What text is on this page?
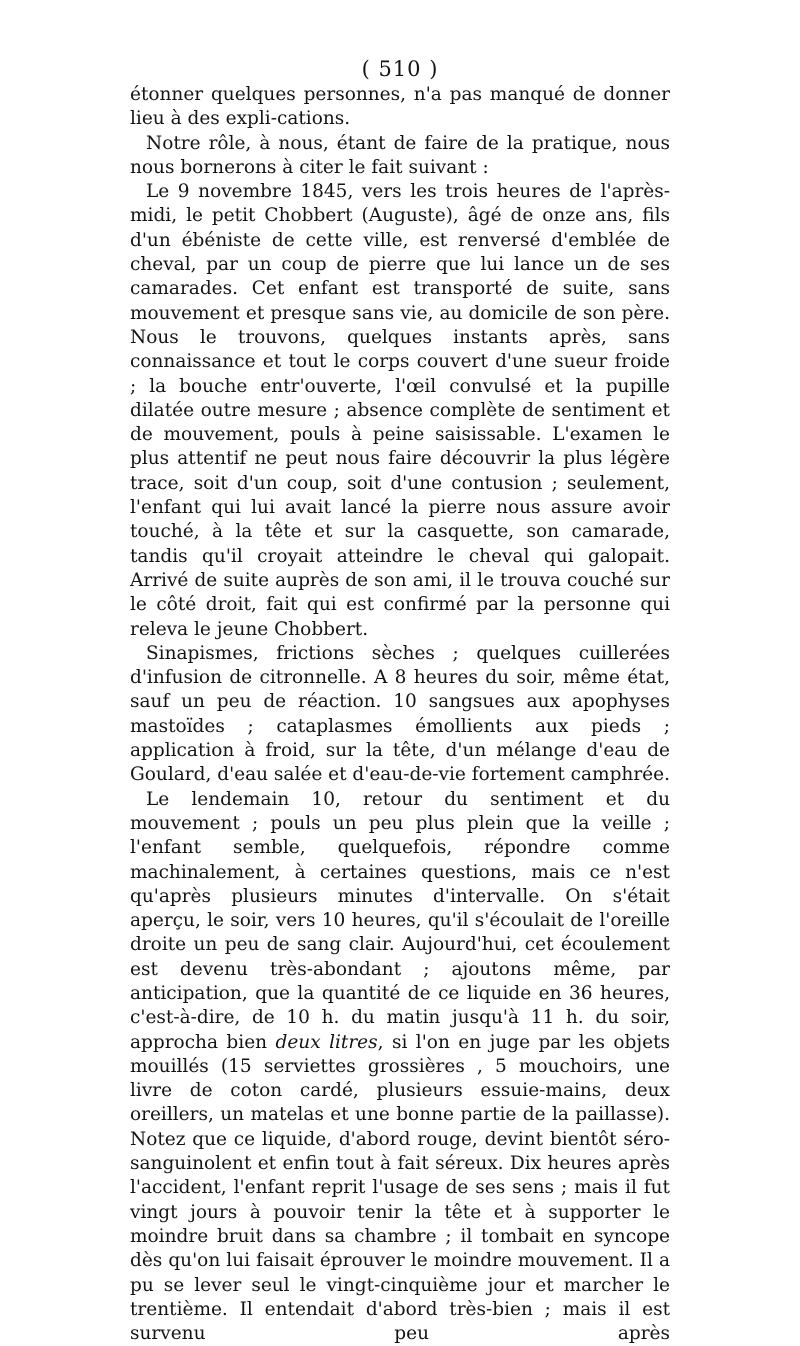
( 510 )

étonner quelques personnes, n'a pas manqué de donner lieu à des expli-cations.

Notre rôle, à nous, étant de faire de la pratique, nous nous bornerons à citer le fait suivant :

Le 9 novembre 1845, vers les trois heures de l'après-midi, le petit Chobbert (Auguste), âgé de onze ans, fils d'un ébéniste de cette ville, est renversé d'emblée de cheval, par un coup de pierre que lui lance un de ses camarades. Cet enfant est transporté de suite, sans mouvement et presque sans vie, au domicile de son père. Nous le trouvons, quelques instants après, sans connaissance et tout le corps couvert d'une sueur froide ; la bouche entr'ouverte, l'œil convulsé et la pupille dilatée outre mesure ; absence complète de sentiment et de mouvement, pouls à peine saisissable. L'examen le plus attentif ne peut nous faire découvrir la plus légère trace, soit d'un coup, soit d'une contusion ; seulement, l'enfant qui lui avait lancé la pierre nous assure avoir touché, à la tête et sur la casquette, son camarade, tandis qu'il croyait atteindre le cheval qui galopait. Arrivé de suite auprès de son ami, il le trouva couché sur le côté droit, fait qui est confirmé par la personne qui releva le jeune Chobbert.

Sinapismes, frictions sèches ; quelques cuillerées d'infusion de citronnelle. A 8 heures du soir, même état, sauf un peu de réaction. 10 sangsues aux apophyses mastoïdes ; cataplasmes émollients aux pieds ; application à froid, sur la tête, d'un mélange d'eau de Goulard, d'eau salée et d'eau-de-vie fortement camphrée.

Le lendemain 10, retour du sentiment et du mouvement ; pouls un peu plus plein que la veille ; l'enfant semble, quelquefois, répondre comme machinalement, à certaines questions, mais ce n'est qu'après plusieurs minutes d'intervalle. On s'était aperçu, le soir, vers 10 heures, qu'il s'écoulait de l'oreille droite un peu de sang clair. Aujourd'hui, cet écoulement est devenu très-abondant ; ajoutons même, par anticipation, que la quantité de ce liquide en 36 heures, c'est-à-dire, de 10 h. du matin jusqu'à 11 h. du soir, approcha bien deux litres, si l'on en juge par les objets mouillés (15 serviettes grossières , 5 mouchoirs, une livre de coton cardé, plusieurs essuie-mains, deux oreillers, un matelas et une bonne partie de la paillasse). Notez que ce liquide, d'abord rouge, devint bientôt séro-sanguinolent et enfin tout à fait séreux. Dix heures après l'accident, l'enfant reprit l'usage de ses sens ; mais il fut vingt jours à pouvoir tenir la tête et à supporter le moindre bruit dans sa chambre ; il tombait en syncope dès qu'on lui faisait éprouver le moindre mouvement. Il a pu se lever seul le vingt-cinquième jour et marcher le trentième. Il entendait d'abord très-bien ; mais il est survenu peu après
